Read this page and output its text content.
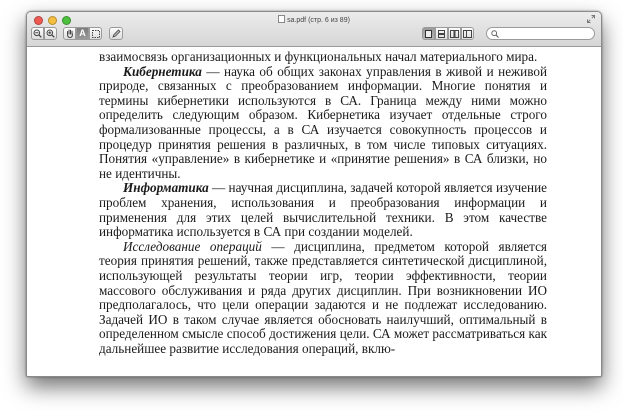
sa.pdf (стр. 6 из 89)
A

взаимосвязь организационных и функциональных начал материального мира.

Кибернетика — наука об общих законах управления в живой и неживой природе, связанных с преобразованием информации. Многие понятия и термины кибернетики используются в СА. Граница между ними можно определить следующим образом. Кибернетика изучает отдельные строго формализованные процессы, а в СА изучается совокупность процессов и процедур принятия решения в различных, в том числе типовых ситуациях. Понятия «управление» в кибернетике и «принятие решения» в СА близки, но не идентичны.

Информатика — научная дисциплина, задачей которой является изучение проблем хранения, использования и преобразования информации и применения для этих целей вычислительной техники. В этом качестве информатика используется в СА при создании моделей.

Исследование операций — дисциплина, предметом которой является теория принятия решений, также представляется синтетической дисциплиной, использующей результаты теории игр, теории эффективности, теории массового обслуживания и ряда других дисциплин. При возникновении ИО предполагалось, что цели операции задаются и не подлежат исследованию. Задачей ИО в таком случае является обосновать наилучший, оптимальный в определенном смысле способ достижения цели. СА может рассматриваться как дальнейшее развитие исследования операций, вклю-
